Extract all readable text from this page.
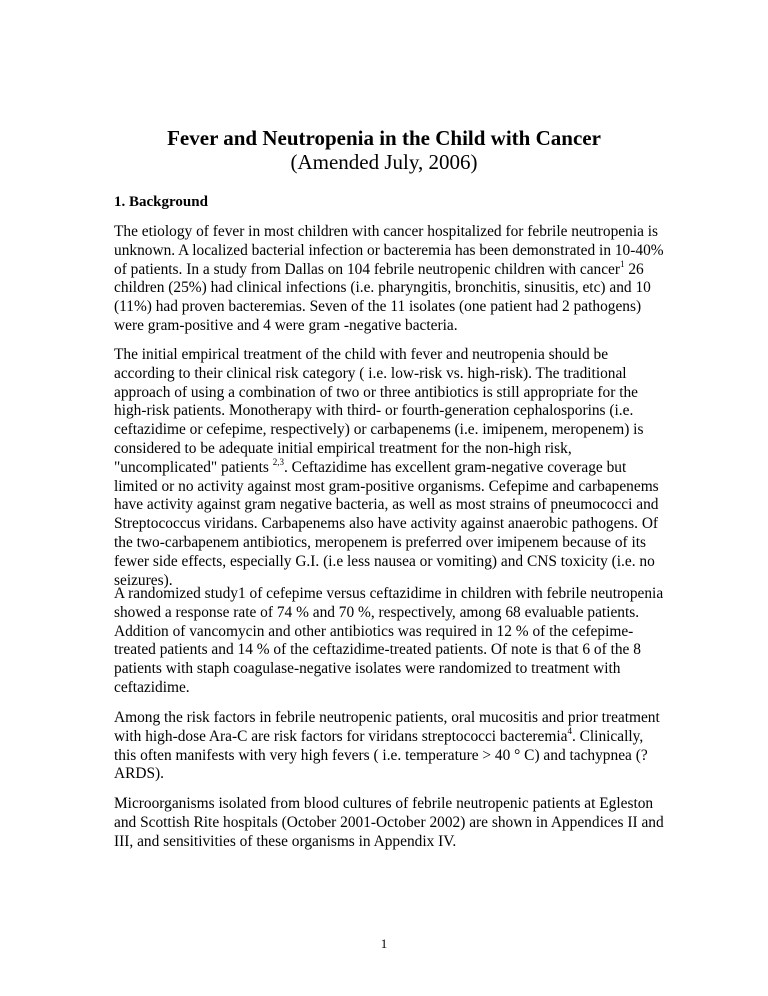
Fever and Neutropenia in the Child with Cancer

(Amended July, 2006)

1. Background
The etiology of fever in most children with cancer hospitalized for febrile neutropenia is
unknown. A localized bacterial infection or bacteremia has been demonstrated in 10-40%
of patients. In a study from Dallas on 104 febrile neutropenic children with cancer$^1$ 26
children (25%) had clinical infections (i.e. pharyngitis, bronchitis, sinusitis, etc) and 10
(11%) had proven bacteremias. Seven of the 11 isolates (one patient had 2 pathogens)
were gram-positive and 4 were gram -negative bacteria.
The initial empirical treatment of the child with fever and neutropenia should be
according to their clinical risk category ( i.e. low-risk vs. high-risk). The traditional
approach of using a combination of two or three antibiotics is still appropriate for the
high-risk patients. Monotherapy with third- or fourth-generation cephalosporins (i.e.
ceftazidime or cefepime, respectively) or carbapenems (i.e. imipenem, meropenem) is
considered to be adequate initial empirical treatment for the non-high risk,
"uncomplicated" patients $^{2,3}$. Ceftazidime has excellent gram-negative coverage but
limited or no activity against most gram-positive organisms. Cefepime and carbapenems
have activity against gram negative bacteria, as well as most strains of pneumococci and
Streptococcus viridans. Carbapenems also have activity against anaerobic pathogens. Of
the two-carbapenem antibiotics, meropenem is preferred over imipenem because of its
fewer side effects, especially G.I. (i.e less nausea or vomiting) and CNS toxicity (i.e. no
seizures).
A randomized study1 of cefepime versus ceftazidime in children with febrile neutropenia
showed a response rate of 74 % and 70 %, respectively, among 68 evaluable patients.
Addition of vancomycin and other antibiotics was required in 12 % of the cefepime-
treated patients and 14 % of the ceftazidime-treated patients. Of note is that 6 of the 8
patients with staph coagulase-negative isolates were randomized to treatment with
ceftazidime.
Among the risk factors in febrile neutropenic patients, oral mucositis and prior treatment
with high-dose Ara-C are risk factors for viridans streptococci bacteremia$^4$. Clinically,
this often manifests with very high fevers ( i.e. temperature > 40 ° C) and tachypnea (?
ARDS).
Microorganisms isolated from blood cultures of febrile neutropenic patients at Egleston
and Scottish Rite hospitals (October 2001-October 2002) are shown in Appendices II and
III, and sensitivities of these organisms in Appendix IV.

1
